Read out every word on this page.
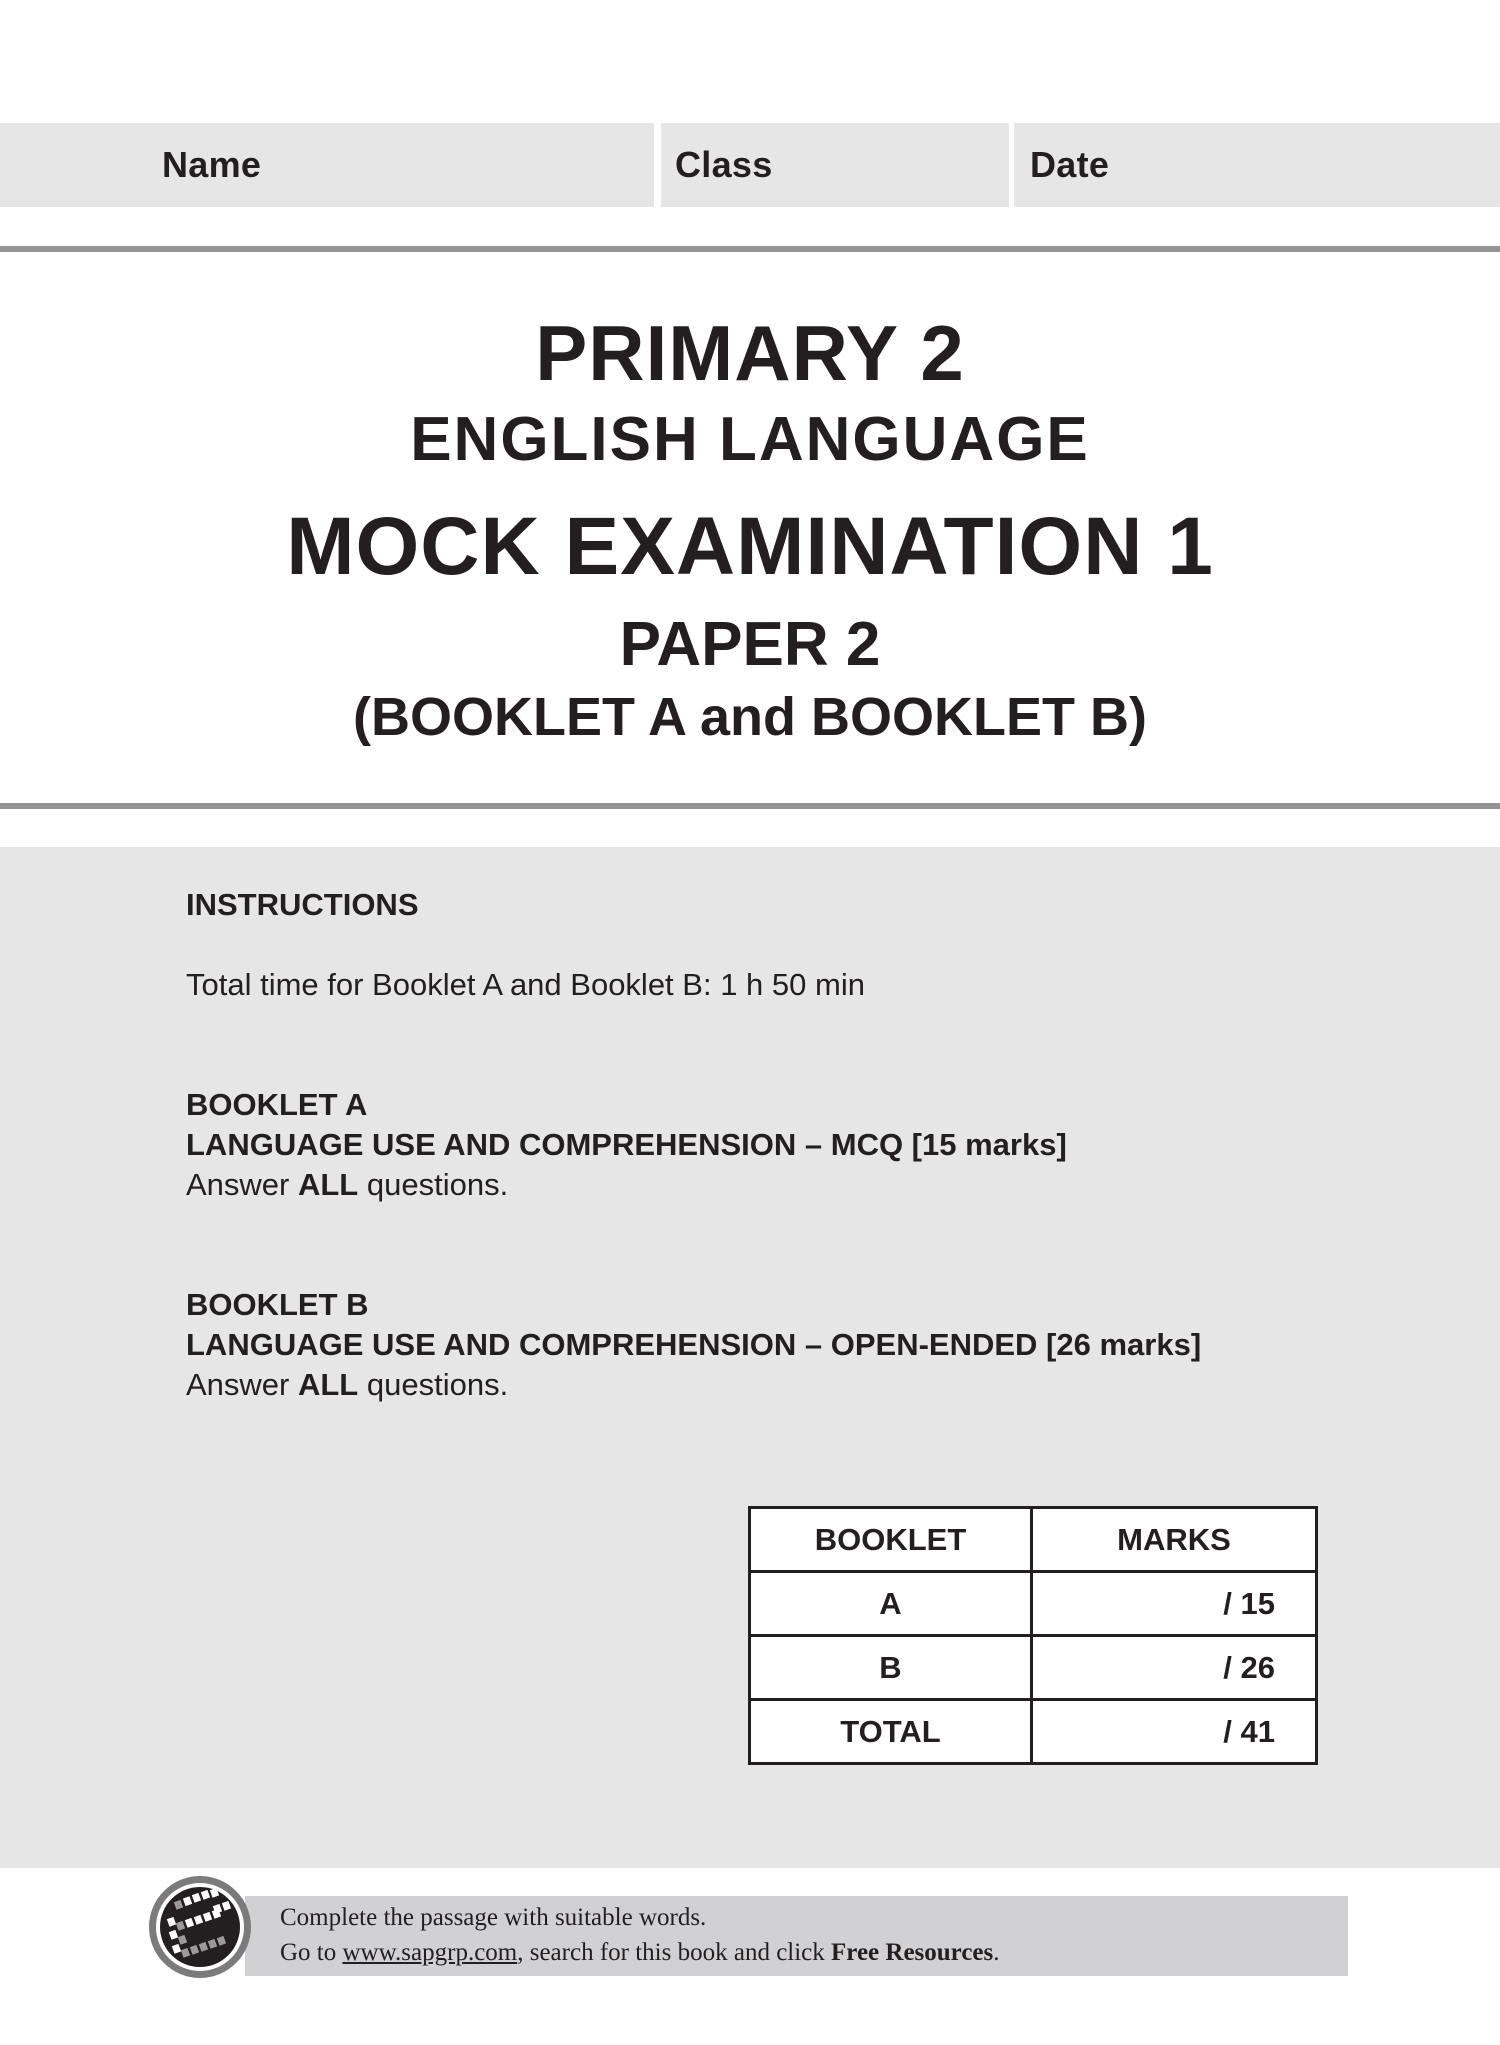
Name	Class	Date
PRIMARY 2
ENGLISH LANGUAGE
MOCK EXAMINATION 1
PAPER 2
(BOOKLET A and BOOKLET B)
INSTRUCTIONS
Total time for Booklet A and Booklet B: 1 h 50 min
BOOKLET A
LANGUAGE USE AND COMPREHENSION – MCQ [15 marks]
Answer ALL questions.
BOOKLET B
LANGUAGE USE AND COMPREHENSION – OPEN-ENDED [26 marks]
Answer ALL questions.
BOOKLET	MARKS
A	/ 15
B	/ 26
TOTAL	/ 41
Complete the passage with suitable words.
Go to www.sapgrp.com, search for this book and click Free Resources.
